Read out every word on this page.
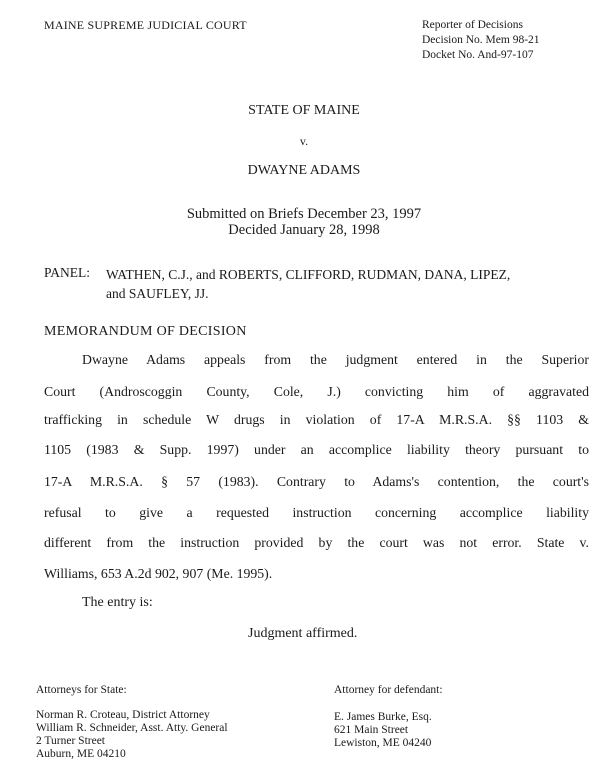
MAINE SUPREME JUDICIAL COURT	Reporter of Decisions
Decision No. Mem 98-21
Docket No. And-97-107
STATE OF MAINE
v.
DWAYNE ADAMS
Submitted on Briefs December 23, 1997
Decided January 28, 1998
PANEL: WATHEN, C.J., and ROBERTS, CLIFFORD, RUDMAN, DANA, LIPEZ,
and SAUFLEY, JJ.
MEMORANDUM OF DECISION
Dwayne Adams appeals from the judgment entered in the Superior
Court (Androscoggin County, Cole, J.) convicting him of aggravated
trafficking in schedule W drugs in violation of 17-A M.R.S.A. §§ 1103 &
1105 (1983 & Supp. 1997) under an accomplice liability theory pursuant to
17-A M.R.S.A. § 57 (1983). Contrary to Adams's contention, the court's
refusal to give a requested instruction concerning accomplice liability
different from the instruction provided by the court was not error. State v.
Williams, 653 A.2d 902, 907 (Me. 1995).
The entry is:
Judgment affirmed.
Attorneys for State:
Norman R. Croteau, District Attorney
William R. Schneider, Asst. Atty. General
2 Turner Street
Auburn, ME 04210
Attorney for defendant:
E. James Burke, Esq.
621 Main Street
Lewiston, ME 04240
